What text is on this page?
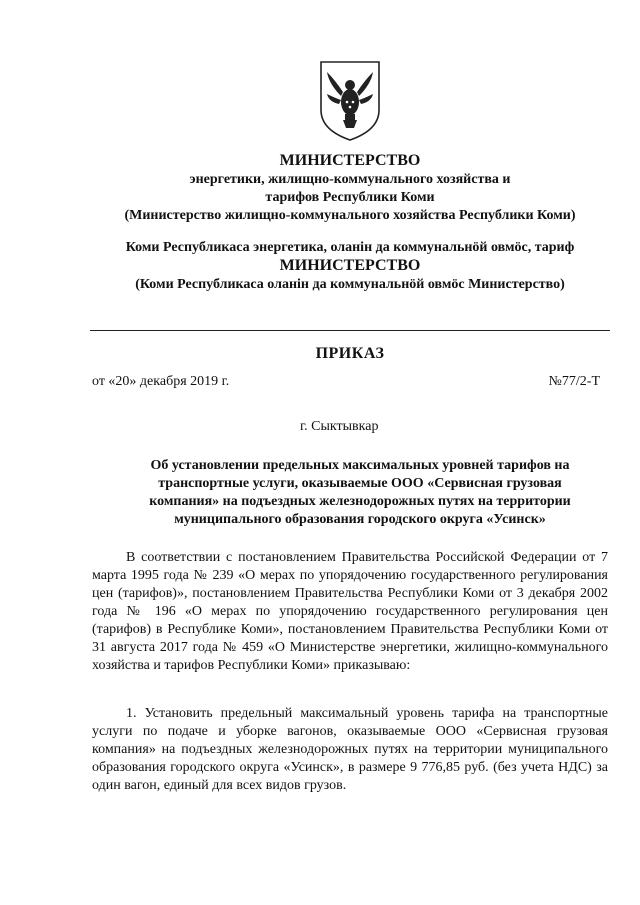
МИНИСТЕРСТВО
энергетики, жилищно-коммунального хозяйства и
тарифов Республики Коми
(Министерство жилищно-коммунального хозяйства Республики Коми)
Коми Республикаса энергетика, оланін да коммунальнӧй овмӧс, тариф
МИНИСТЕРСТВО
(Коми Республикаса оланін да коммунальнӧй овмӧс Министерство)
ПРИКАЗ
от «20» декабря 2019 г.	№77/2-Т
г. Сыктывкар
Об установлении предельных максимальных уровней тарифов на
транспортные услуги, оказываемые ООО «Сервисная грузовая
компания» на подъездных железнодорожных путях на территории
муниципального образования городского округа «Усинск»

В соответствии с постановлением Правительства Российской Федерации от 7 марта 1995 года № 239 «О мерах по упорядочению государственного регулирования цен (тарифов)», постановлением Правительства Республики Коми от 3 декабря 2002 года № 196 «О мерах по упорядочению государственного регулирования цен (тарифов) в Республике Коми», постановлением Правительства Республики Коми от 31 августа 2017 года № 459 «О Министерстве энергетики, жилищно-коммунального хозяйства и тарифов Республики Коми» приказываю:

1. Установить предельный максимальный уровень тарифа на транспортные услуги по подаче и уборке вагонов, оказываемые ООО «Сервисная грузовая компания» на подъездных железнодорожных путях на территории муниципального образования городского округа «Усинск», в размере 9 776,85 руб. (без учета НДС) за один вагон, единый для всех видов грузов.
